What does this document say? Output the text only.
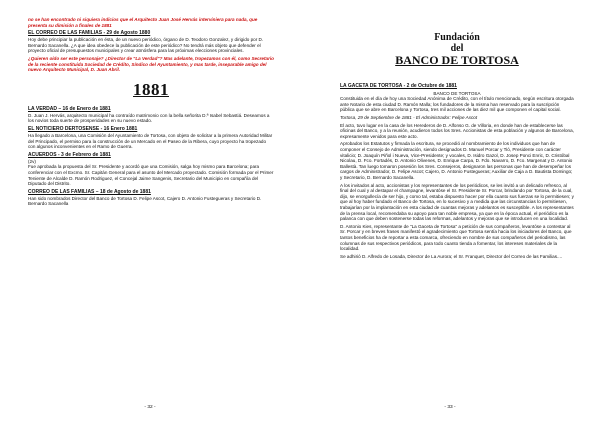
no se han encontrado ni siquiera indicios que el Arquitecto Juan José Hervás interviniera para nada, que presenta su dimisión a finales de 1881

EL CORREO DE LAS FAMILIAS - 29 de Agosto 1880

Hoy debe principiar la publicación en ésta, de un nuevo periódico, órgano de D. Teodoro Gonzalez, y dirigido por D. Bernardo Sacanella. ¿A que idea obedece la publicación de este periódico? No tendrá más objeto que defender el proyecto oficial de presupuestos municipales y crear atmósfera para las próximas elecciones provinciales.

¿Quieren oído ser este personaje? ¿Director de "La Verdad"? Mas adelante, tropezamos con él, como Secretario de la reciente constituida Sociedad de Crédito, Síndico del Ayuntamiento, y mas tarde, inseparable amigo del nuevo Arquitecto Municipal, D. Juan Abril.

1881
LA VERDAD – 16 de Enero de 1881

D. Juan J. Hervás, arquitecto municipal ha contraído matrimonio con la bella señorita D.ª Isabel Sebastiá. Deseamos a los novios toda suerte de prosperidades en su nuevo estado.

EL NOTICIERO DERTOSENSE - 16 Enero 1881

Ha llegado a Barcelona, una Comisión del Ayuntamiento de Tortosa, con objeto de solicitar a la primera Autoridad Militar del Principado, el permiso para la construcción de un Mercado en el Paseo de la Ribera, cuyo proyecto ha tropezado con algunos inconvenientes en el Ramo de Guerra.

ACUERDOS - 3 de Febrero de 1881
(2v)

Fue aprobada la propuesta del Sr. Presidente y acordó que una Comisión, salga hoy mismo para Barcelona; para conferenciar con el Excmo. Sr. Capitán General para el asunto del Mercado proyectado. Comisión formada por el Primer Teniente de Alcalde D. Ramón Rodriguez, el Concejal Jaime Sangenis, Secretario del Municipio en compañía del Diputado del Distrito.

CORREO DE LAS FAMILIAS – 18 de Agosto de 1881

Han sido nombrados Director del Banco de Tortosa D. Felipe Ascot, Cajero D. Antonio Fustegueras y Secretario D. Bernardo Sacanella

- 32 -
Fundación
del
BANCO DE TORTOSA
LA GACETA DE TORTOSA - 2 de Octubre de 1881
BANCO DE TORTOSA

Constituida en el día de hoy una Sociedad Anónima de Crédito, con el título mencionado, según escritura otorgada ante Notario de esta ciudad D. Ramón Malla; los fundadores de la misma han reservado para la suscripción pública que se abre en Barcelona y Tortosa, tres mil acciones de las diez mil que componen el capital social.

Tortosa, 29 de Septiembre de 1881 - El Administrador: Felipe Ascot

El acto, tuvo lugar en la casa de los Herederos de D. Alfonso G. de Villoria, en donde han de establecerse las oficinas del Banco, y a la reunión, acudieron todos los Sres. Accionistas de esta población y algunos de Barcelona, expresamente venidos para este acto.

Aprobados los Estatutos y firmada la escritura, se procedió al nombramiento de los individuos que han de componer el Consejo de Administración, siendo designados D. Manuel Porcar y Tió, Presidente con carácter vitalicio; D. Joaquín Piñol i Nueva, Vice-Presidente; y vocales, D. Isidro Gazol, D. Josep Ponci Enric, D. Cristóbal Nicolau, D. Fco. Fortadés, D. Antonio Olivenes, D. Enrique Carpa, D. Fdo. Navarro, D. Fco. Margenat y D. Antonio Ballestà. Tan luego tomaron posesión los Sres. Consejeros, designaron las personas que han de desempeñar los cargos de Administrador, D. Felipe Ascot; Cajero, D. Antonio Fustegueras; Auxiliar de Caja a D. Bautista Domingo; y Secretario, D. Bernardo Sacanella.

A los invitados al acto, accionistas y los representantes de los periódicos, se les invitó a un delicado refresco, al final del cual y al destapar el champagne, levantóse el Sr. Presidente Sr. Porcar, brindando por Tortosa, de la cual, dijo, se enorgullecía de ser hijo, y como tal, estaba dispuesto hacer por ella cuanto sus fuerzas se lo permitiesen; y que al hoy haber fundado el Banco de Tortosa, en lo sucesivo y a medida que las circunstancias lo permitiesen, trabajarían por la implantación en esta ciudad de cuantas mejoras y adelantos es susceptible. A los representantes de la prensa local, recomendaba su apoyo para tan noble empresa, ya que en la época actual, el periódico es la palanca con que deben sostenerse todas las reformas, adelantos y mejoras que se introducen en una localidad.

D. Antonio Kies, representante de "La Gaceta de Tortosa" a petición de sus compañeros, levantóse a contestar al Sr. Porcar y en breves frases manifestó el agradecimiento que Tortosa sentía hacia los iniciadores del Banco, que tantos beneficios ha de reportar a esta comarca, ofreciendo en nombre de sus compañeros del periodismo, las columnas de sus respectivos periódicos, para todo cuanto tienda a fomentar, los intereses materiales de la localidad.

Se adhirió D. Alfredo de Losada, Director de La Aurora; el Sr. Franquet, Director del Correo de las Familias....

- 33 -
